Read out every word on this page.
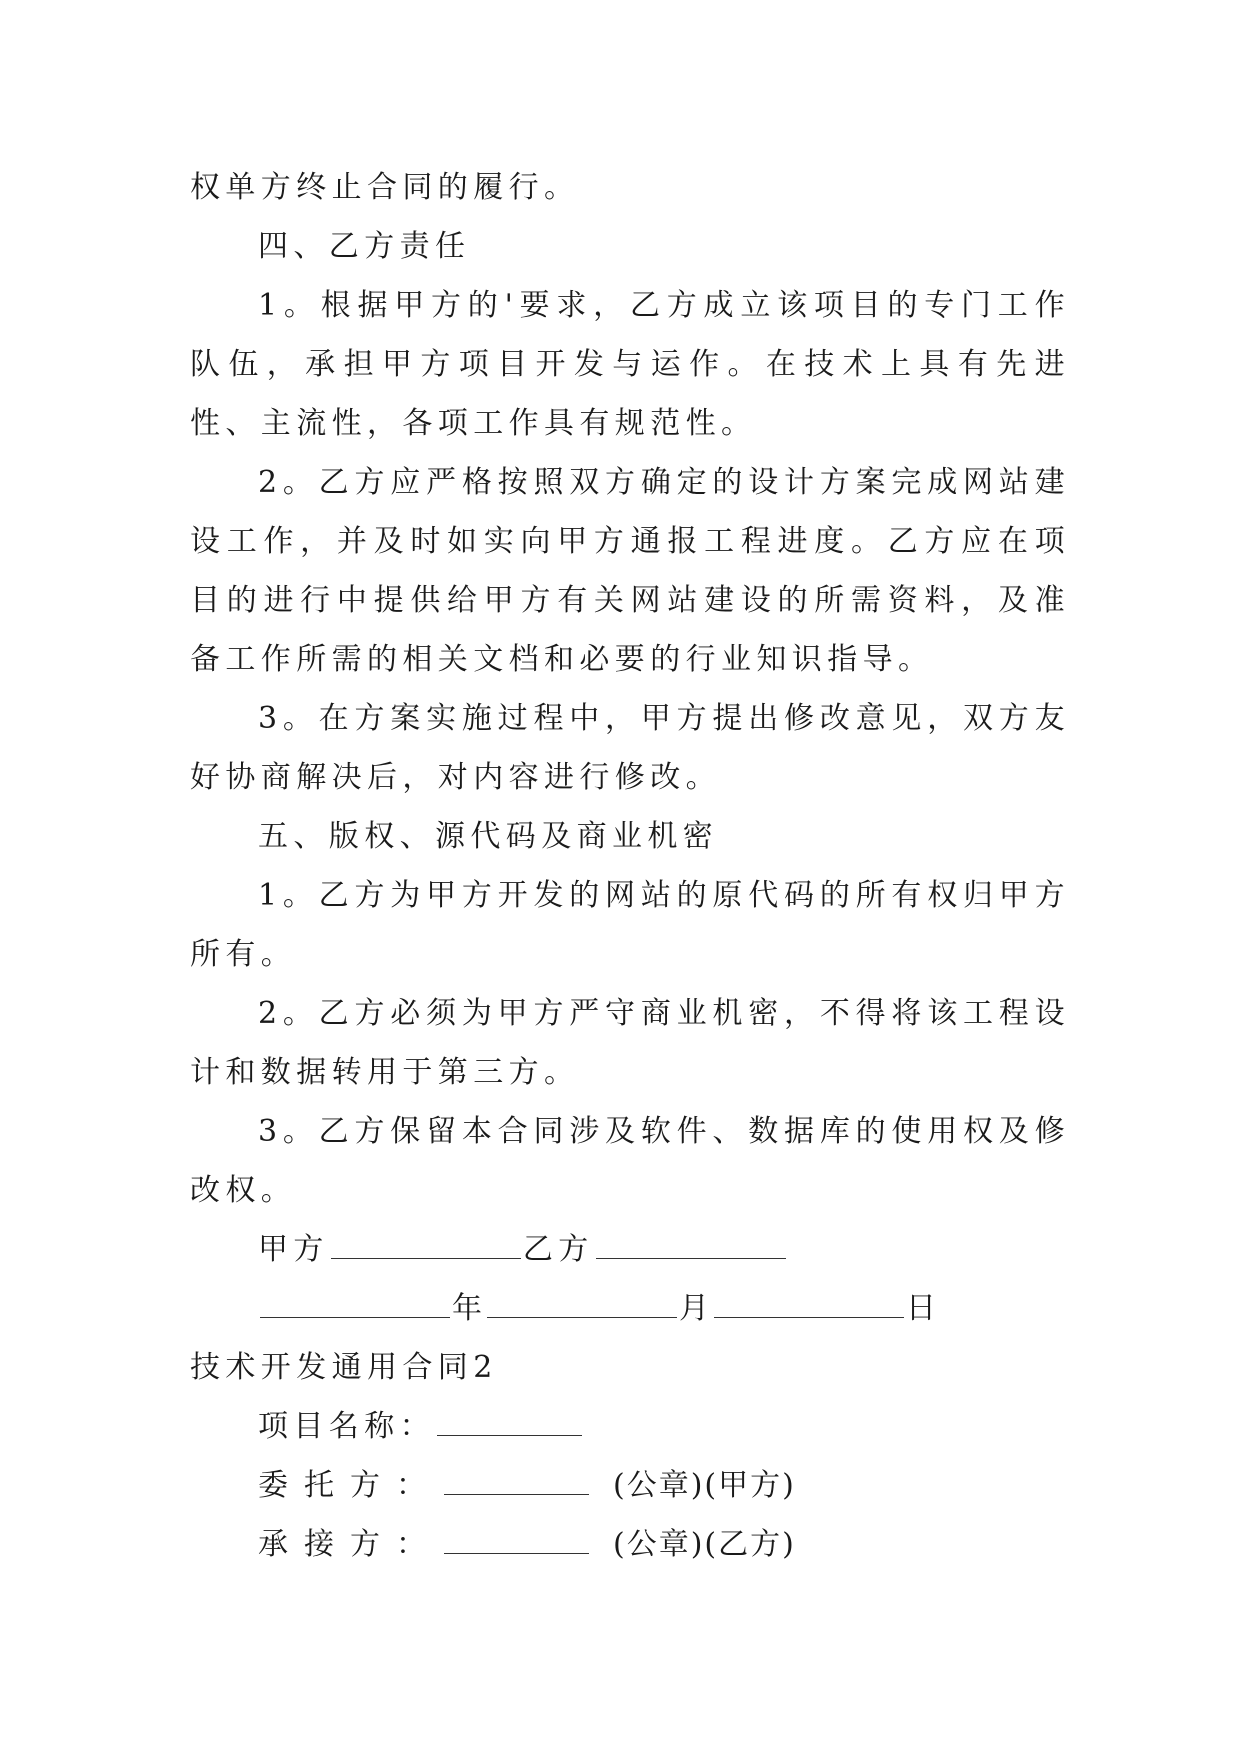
权单方终止合同的履行。

四、乙方责任

1。根据甲方的'要求，乙方成立该项目的专门工作队伍，承担甲方项目开发与运作。在技术上具有先进性、主流性，各项工作具有规范性。

2。乙方应严格按照双方确定的设计方案完成网站建设工作，并及时如实向甲方通报工程进度。乙方应在项目的进行中提供给甲方有关网站建设的所需资料，及准备工作所需的相关文档和必要的行业知识指导。

3。在方案实施过程中，甲方提出修改意见，双方友好协商解决后，对内容进行修改。

五、版权、源代码及商业机密

1。乙方为甲方开发的网站的原代码的所有权归甲方所有。

2。乙方必须为甲方严守商业机密，不得将该工程设计和数据转用于第三方。

3。乙方保留本合同涉及软件、数据库的使用权及修改权。

甲方	乙方

年	月	日

技术开发通用合同2

项目名称：

委托方：	(公章)(甲方)

承接方：	(公章)(乙方)
